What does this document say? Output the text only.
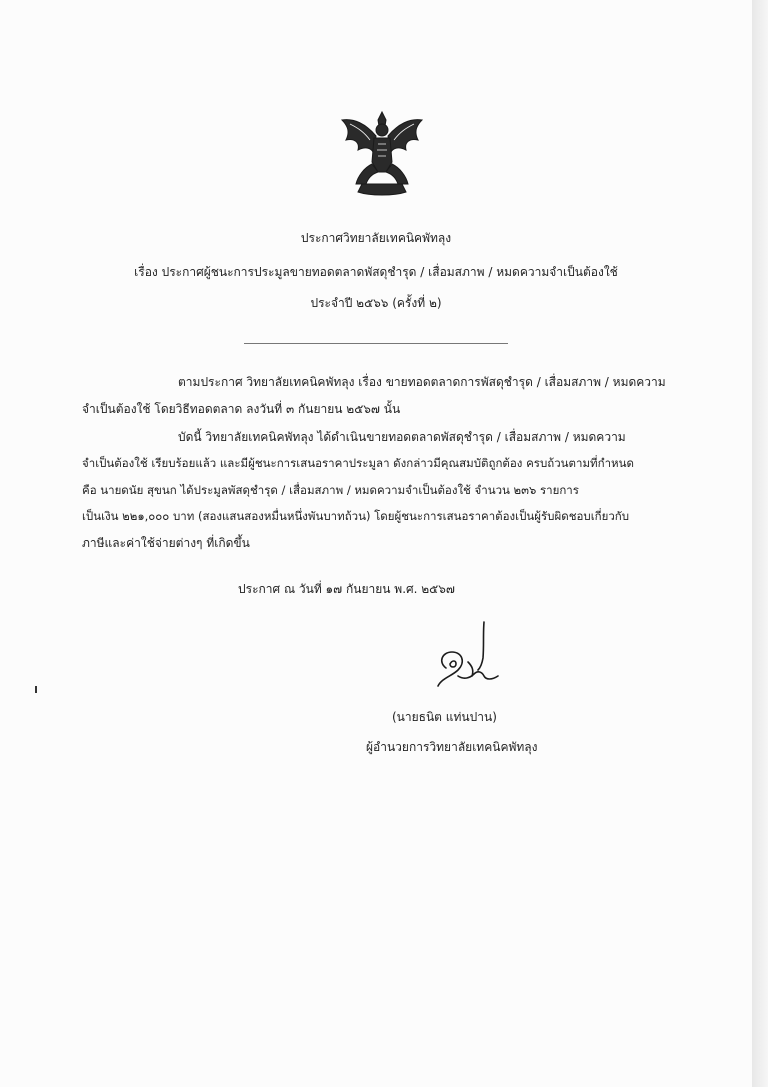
ประกาศวิทยาลัยเทคนิคพัทลุง
เรื่อง ประกาศผู้ชนะการประมูลขายทอดตลาดพัสดุชำรุด / เสื่อมสภาพ / หมดความจำเป็นต้องใช้
ประจำปี ๒๕๖๖ (ครั้งที่ ๒)
ตามประกาศ วิทยาลัยเทคนิคพัทลุง เรื่อง ขายทอดตลาดการพัสดุชำรุด / เสื่อมสภาพ / หมดความ
จำเป็นต้องใช้ โดยวิธีทอดตลาด ลงวันที่ ๓ กันยายน ๒๕๖๗ นั้น
บัดนี้ วิทยาลัยเทคนิคพัทลุง ได้ดำเนินขายทอดตลาดพัสดุชำรุด / เสื่อมสภาพ / หมดความ
จำเป็นต้องใช้ เรียบร้อยแล้ว และมีผู้ชนะการเสนอราคาประมูลา ดังกล่าวมีคุณสมบัติถูกต้อง ครบถ้วนตามที่กำหนด
คือ นายดนัย สุขนก ได้ประมูลพัสดุชำรุด / เสื่อมสภาพ / หมดความจำเป็นต้องใช้ จำนวน ๒๓๖ รายการ
เป็นเงิน ๒๒๑,๐๐๐ บาท (สองแสนสองหมื่นหนึ่งพันบาทถ้วน) โดยผู้ชนะการเสนอราคาต้องเป็นผู้รับผิดชอบเกี่ยวกับ
ภาษีและค่าใช้จ่ายต่างๆ ที่เกิดขึ้น
ประกาศ ณ วันที่ ๑๗ กันยายน พ.ศ. ๒๕๖๗
(นายธนิต แท่นปาน)
ผู้อำนวยการวิทยาลัยเทคนิคพัทลุง
